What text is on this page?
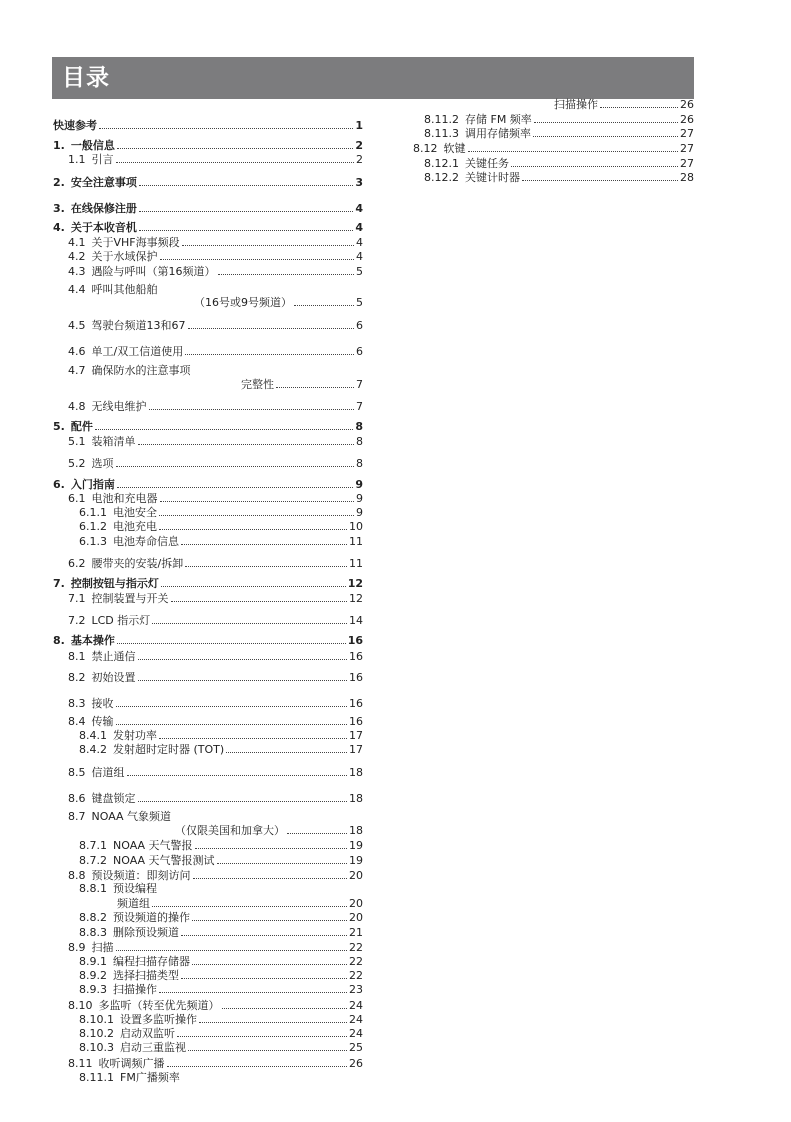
目录
快速参考	1
1. 一般信息	2
1.1 引言	2
2. 安全注意事项	3
3. 在线保修注册	4
4. 关于本收音机	4
4.1 关于VHF海事频段	4
4.2 关于水域保护	4
4.3 遇险与呼叫（第16频道）	5
4.4 呼叫其他船舶
（16号或9号频道）	5
4.5 驾驶台频道13和67	6
4.6 单工/双工信道使用	6
4.7 确保防水的注意事项
完整性	7
4.8 无线电维护	7
5. 配件	8
5.1 装箱清单	8
5.2 选项	8
6. 入门指南	9
6.1 电池和充电器	9
6.1.1 电池安全	9
6.1.2 电池充电	10
6.1.3 电池寿命信息	11
6.2 腰带夹的安装/拆卸	11
7. 控制按钮与指示灯	12
7.1 控制装置与开关	12
7.2 LCD 指示灯	14
8. 基本操作	16
8.1 禁止通信	16
8.2 初始设置	16
8.3 接收	16
8.4 传输	16
8.4.1 发射功率	17
8.4.2 发射超时定时器 (TOT)	17
8.5 信道组	18
8.6 键盘锁定	18
8.7 NOAA 气象频道
（仅限美国和加拿大）	18
8.7.1 NOAA 天气警报	19
8.7.2 NOAA 天气警报测试	19
8.8 预设频道：即刻访问	20
8.8.1 预设编程
频道组	20
8.8.2 预设频道的操作	20
8.8.3 删除预设频道	21
8.9 扫描	22
8.9.1 编程扫描存储器	22
8.9.2 选择扫描类型	22
8.9.3 扫描操作	23
8.10 多监听（转至优先频道）	24
8.10.1 设置多监听操作	24
8.10.2 启动双监听	24
8.10.3 启动三重监视	25
8.11 收听调频广播	26
8.11.1 FM广播频率
扫描操作	26
8.11.2 存储 FM 频率	26
8.11.3 调用存储频率	27
8.12 软键	27
8.12.1 关键任务	27
8.12.2 关键计时器	28
